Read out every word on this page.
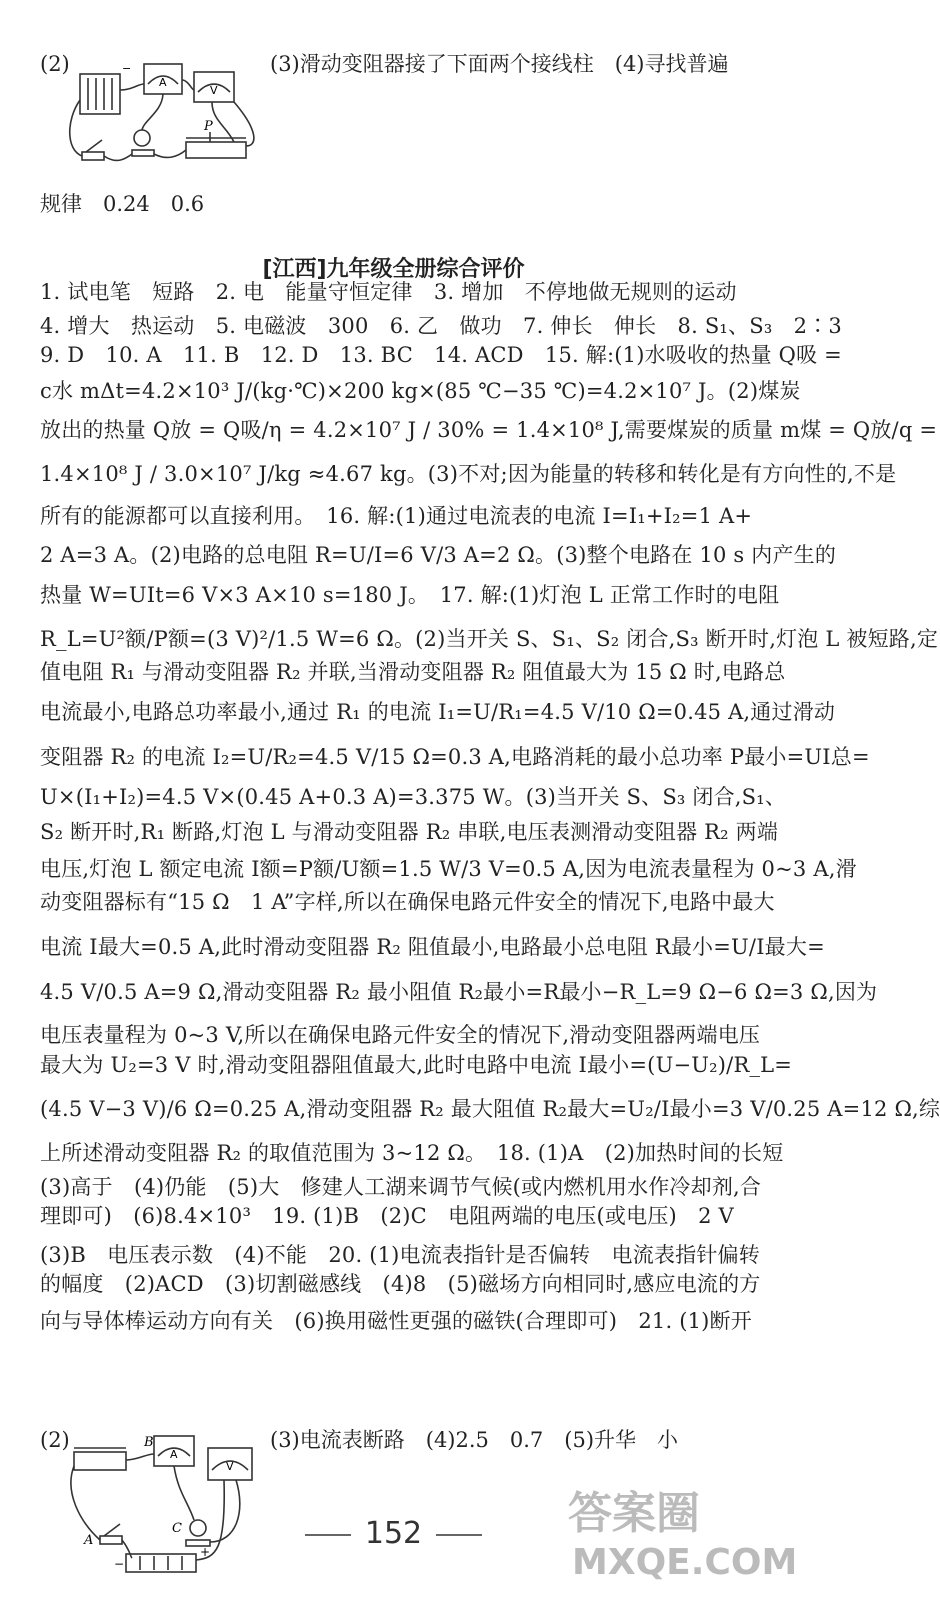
(2)
A
V
P
−	(3)滑动变阻器接了下面两个接线柱　(4)寻找普遍
规律　0.24　0.6
[江西]九年级全册综合评价
1. 试电笔　短路　2. 电　能量守恒定律　3. 增加　不停地做无规则的运动
4. 增大　热运动　5. 电磁波　300　6. 乙　做功　7. 伸长　伸长　8. S₁、S₃　2∶3
9. D　10. A　11. B　12. D　13. BC　14. ACD　15. 解:(1)水吸收的热量 Q吸 =
c水 mΔt=4.2×10³ J/(kg·℃)×200 kg×(85 ℃−35 ℃)=4.2×10⁷ J。(2)煤炭
放出的热量 Q放 = Q吸/η = 4.2×10⁷ J / 30% = 1.4×10⁸ J,需要煤炭的质量 m煤 = Q放/q =
1.4×10⁸ J / 3.0×10⁷ J/kg ≈4.67 kg。(3)不对;因为能量的转移和转化是有方向性的,不是
所有的能源都可以直接利用。　16. 解:(1)通过电流表的电流 I=I₁+I₂=1 A+
2 A=3 A。(2)电路的总电阻 R=U/I=6 V/3 A=2 Ω。(3)整个电路在 10 s 内产生的
热量 W=UIt=6 V×3 A×10 s=180 J。　17. 解:(1)灯泡 L 正常工作时的电阻
R_L=U²额/P额=(3 V)²/1.5 W=6 Ω。(2)当开关 S、S₁、S₂ 闭合,S₃ 断开时,灯泡 L 被短路,定
值电阻 R₁ 与滑动变阻器 R₂ 并联,当滑动变阻器 R₂ 阻值最大为 15 Ω 时,电路总
电流最小,电路总功率最小,通过 R₁ 的电流 I₁=U/R₁=4.5 V/10 Ω=0.45 A,通过滑动
变阻器 R₂ 的电流 I₂=U/R₂=4.5 V/15 Ω=0.3 A,电路消耗的最小总功率 P最小=UI总=
U×(I₁+I₂)=4.5 V×(0.45 A+0.3 A)=3.375 W。(3)当开关 S、S₃ 闭合,S₁、
S₂ 断开时,R₁ 断路,灯泡 L 与滑动变阻器 R₂ 串联,电压表测滑动变阻器 R₂ 两端
电压,灯泡 L 额定电流 I额=P额/U额=1.5 W/3 V=0.5 A,因为电流表量程为 0~3 A,滑
动变阻器标有“15 Ω　1 A”字样,所以在确保电路元件安全的情况下,电路中最大
电流 I最大=0.5 A,此时滑动变阻器 R₂ 阻值最小,电路最小总电阻 R最小=U/I最大=
4.5 V/0.5 A=9 Ω,滑动变阻器 R₂ 最小阻值 R₂最小=R最小−R_L=9 Ω−6 Ω=3 Ω,因为
电压表量程为 0~3 V,所以在确保电路元件安全的情况下,滑动变阻器两端电压
最大为 U₂=3 V 时,滑动变阻器阻值最大,此时电路中电流 I最小=(U−U₂)/R_L=
(4.5 V−3 V)/6 Ω=0.25 A,滑动变阻器 R₂ 最大阻值 R₂最大=U₂/I最小=3 V/0.25 A=12 Ω,综
上所述滑动变阻器 R₂ 的取值范围为 3~12 Ω。　18. (1)A　(2)加热时间的长短
(3)高于　(4)仍能　(5)大　修建人工湖来调节气候(或内燃机用水作冷却剂,合
理即可)　(6)8.4×10³　19. (1)B　(2)C　电阻两端的电压(或电压)　2 V
(3)B　电压表示数　(4)不能　20. (1)电流表指针是否偏转　电流表指针偏转
的幅度　(2)ACD　(3)切割磁感线　(4)8　(5)磁场方向相同时,感应电流的方
向与导体棒运动方向有关　(6)换用磁性更强的磁铁(合理即可)　21. (1)断开
(2)
A
V
B
A
C
+
−
(3)电流表断路　(4)2.5　0.7　(5)升华　小
152	答案圈
MXQE.COM
